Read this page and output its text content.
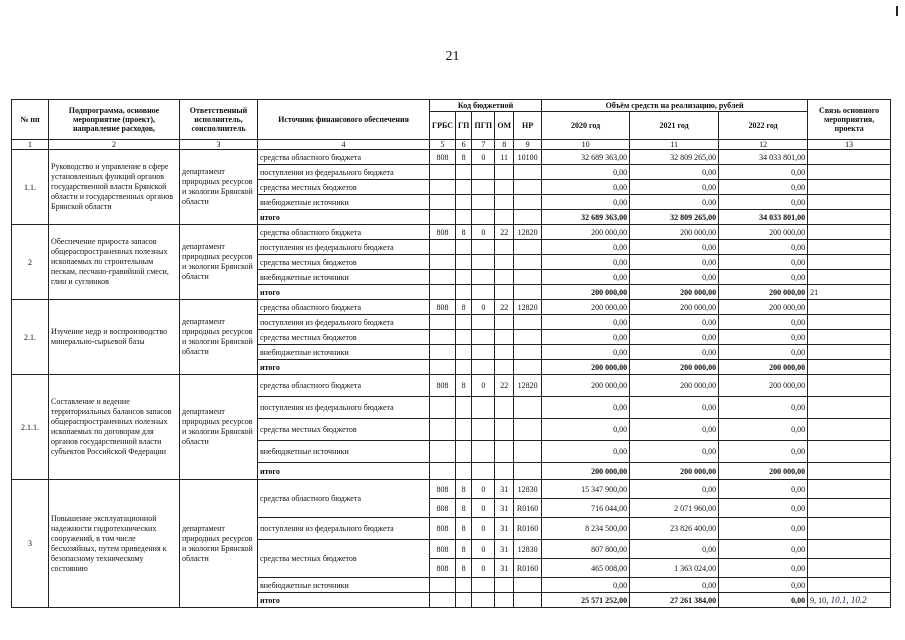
21
№ пп	Подпрограмма, основное мероприятие (проект), направление расходов,	Ответственный исполнитель, соисполнитель	Источник финансового обеспечения	Код бюджетной					Объём средств на реализацию, рублей			Связь основного мероприятия, проекта
				ГРБС	ГП	ПГП	ОМ	НР	2020 год	2021 год	2022 год	
1	2	3	4	5	6	7	8	9	10	11	12	13
1.1.	Руководство и управление в сфере установленных функций органов государственной власти Брянской области и государственных органов Брянской области	департамент природных ресурсов и экологии Брянской области	средства областного бюджета	808	8	0	11	10100	32 689 363,00	32 809 265,00	34 033 801,00	
			поступления из федерального бюджета						0,00	0,00	0,00	
			средства местных бюджетов						0,00	0,00	0,00	
			внебюджетные источники						0,00	0,00	0,00	
			итого						32 689 363,00	32 809 265,00	34 033 801,00	
2	Обеспечение прироста запасов общераспространенных полезных ископаемых по строительным пескам, песчано-гравийной смеси, глин и суглинков	департамент природных ресурсов и экологии Брянской области	средства областного бюджета	808	8	0	22	12820	200 000,00	200 000,00	200 000,00	
			поступления из федерального бюджета						0,00	0,00	0,00	
			средства местных бюджетов						0,00	0,00	0,00	
			внебюджетные источники						0,00	0,00	0,00	
			итого						200 000,00	200 000,00	200 000,00	21
2.1.	Изучение недр и воспроизводство минерально-сырьевой базы	департамент природных ресурсов и экологии Брянской области	средства областного бюджета	808	8	0	22	12820	200 000,00	200 000,00	200 000,00	
			поступления из федерального бюджета						0,00	0,00	0,00	
			средства местных бюджетов						0,00	0,00	0,00	
			внебюджетные источники						0,00	0,00	0,00	
			итого						200 000,00	200 000,00	200 000,00	
2.1.1.	Составление и ведение территориальных балансов запасов общераспространенных полезных ископаемых по договорам для органов государственной власти субъектов Российской Федерации	департамент природных ресурсов и экологии Брянской области	средства областного бюджета	808	8	0	22	12820	200 000,00	200 000,00	200 000,00	
			поступления из федерального бюджета						0,00	0,00	0,00	
			средства местных бюджетов						0,00	0,00	0,00	
			внебюджетные источники						0,00	0,00	0,00	
			итого						200 000,00	200 000,00	200 000,00	
3	Повышение эксплуатационной надежности гидротехнических сооружений, в том числе бесхозяйных, путем приведения к безопасному техническому состоянию	департамент природных ресурсов и экологии Брянской области	средства областного бюджета	808	8	0	31	12830	15 347 900,00	0,00	0,00	
				808	8	0	31	R0160	716 044,00	2 071 960,00	0,00	
			поступления из федерального бюджета	808	8	0	31	R0160	8 234 500,00	23 826 400,00	0,00	
			средства местных бюджетов	808	8	0	31	12830	807 800,00	0,00	0,00	
				808	8	0	31	R0160	465 008,00	1 363 024,00	0,00	
			внебюджетные источники						0,00	0,00	0,00	
			итого						25 571 252,00	27 261 384,00	0,00	9, 10, 10.1, 10.2
